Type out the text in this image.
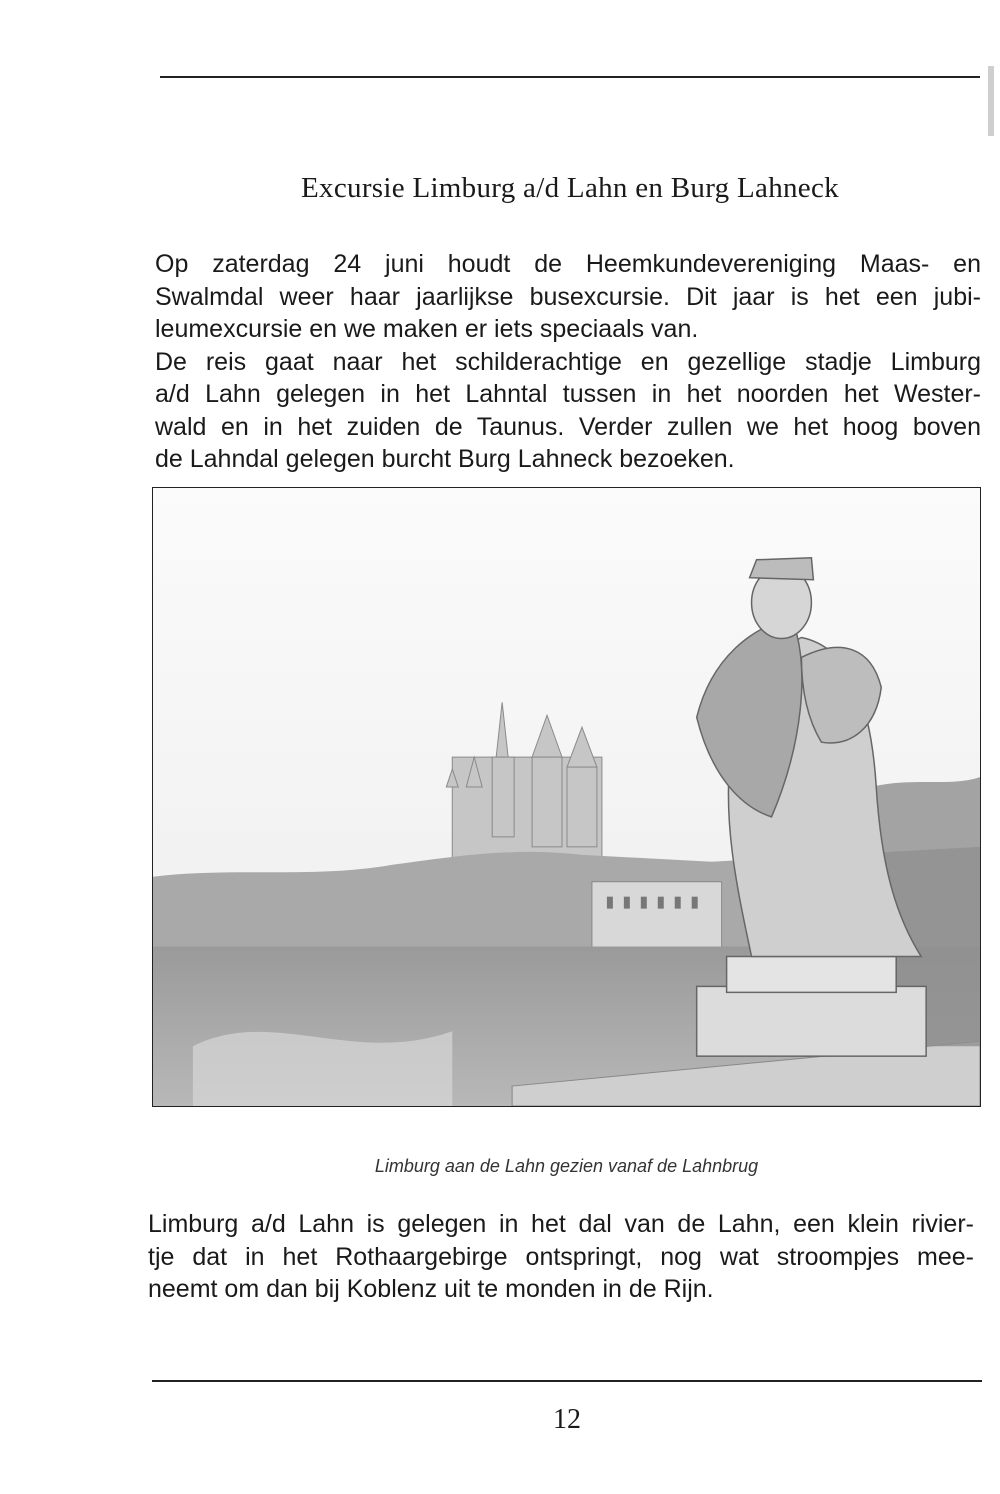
Excursie Limburg a/d Lahn en Burg Lahneck
Op zaterdag 24 juni houdt de Heemkundevereniging Maas- en
Swalmdal weer haar jaarlijkse busexcursie. Dit jaar is het een jubi-
leumexcursie en we maken er iets speciaals van.
De reis gaat naar het schilderachtige en gezellige stadje Limburg
a/d Lahn gelegen in het Lahntal tussen in het noorden het Wester-
wald en in het zuiden de Taunus. Verder zullen we het hoog boven
de Lahndal gelegen burcht Burg Lahneck bezoeken.
Limburg aan de Lahn gezien vanaf de Lahnbrug
Limburg a/d Lahn is gelegen in het dal van de Lahn, een klein rivier-
tje dat in het Rothaargebirge ontspringt, nog wat stroompjes mee-
neemt om dan bij Koblenz uit te monden in de Rijn.
12
